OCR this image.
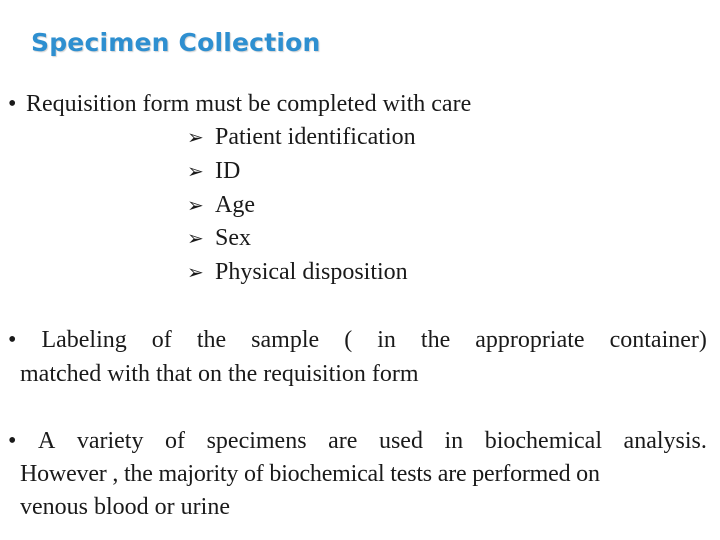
Specimen Collection
• Requisition form must be completed with care
➢ Patient identification
➢ ID
➢ Age
➢ Sex
➢ Physical disposition
• Labeling of the sample ( in the appropriate container)
matched with that on the requisition form
• A variety of specimens are used in biochemical analysis.
However , the majority of biochemical tests are performed on
venous blood or urine
